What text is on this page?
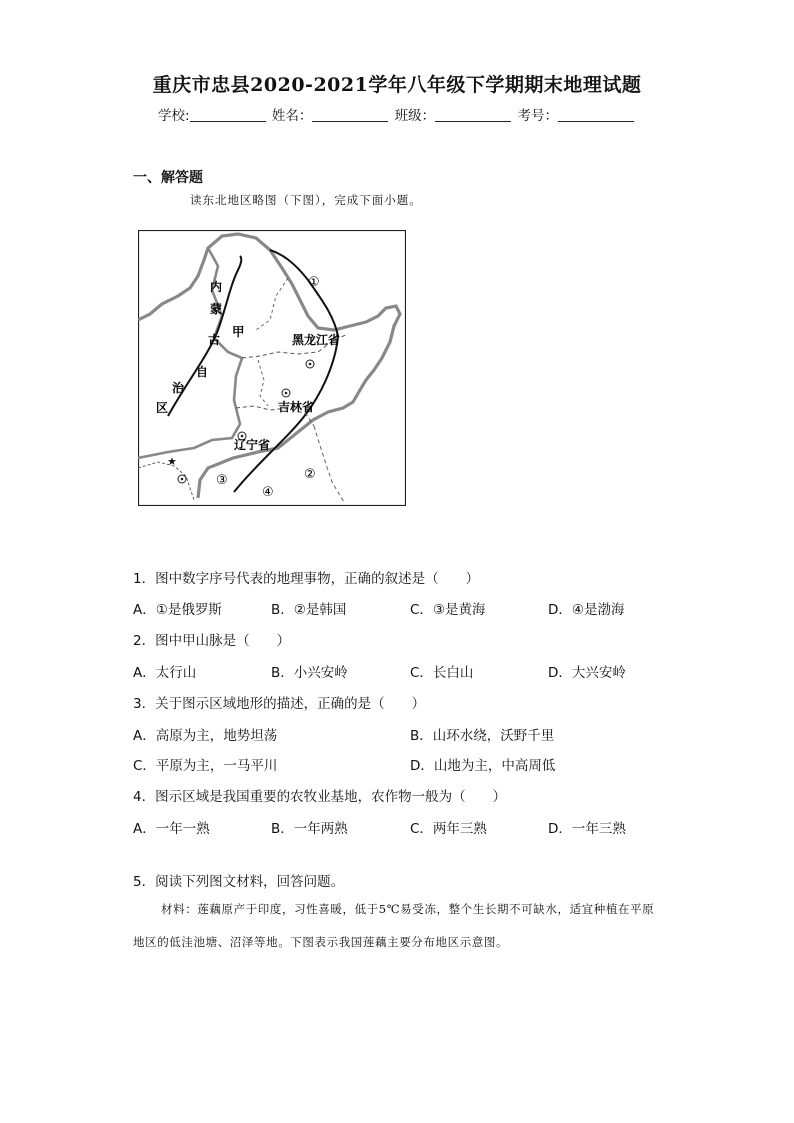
重庆市忠县2020-2021学年八年级下学期期末地理试题
学校:	姓名：	班级：	考号：
一、解答题
读东北地区略图（下图），完成下面小题。
★
①
②
③
④
内
蒙
古
自
治
区
甲
黑龙江省
吉林省
辽宁省
1．图中数字序号代表的地理事物，正确的叙述是（　　）
A．①是俄罗斯	B．②是韩国	C．③是黄海	D．④是渤海
2．图中甲山脉是（　　）
A．太行山	B．小兴安岭	C．长白山	D．大兴安岭
3．关于图示区域地形的描述，正确的是（　　）
A．高原为主，地势坦荡	B．山环水绕，沃野千里
C．平原为主，一马平川	D．山地为主，中高周低
4．图示区域是我国重要的农牧业基地，农作物一般为（　　）
A．一年一熟	B．一年两熟	C．两年三熟	D．一年三熟
5．阅读下列图文材料，回答问题。
材料：莲藕原产于印度，习性喜暖，低于5℃易受冻，整个生长期不可缺水，适宜种植在平原地区的低洼池塘、沼泽等地。下图表示我国莲藕主要分布地区示意图。
